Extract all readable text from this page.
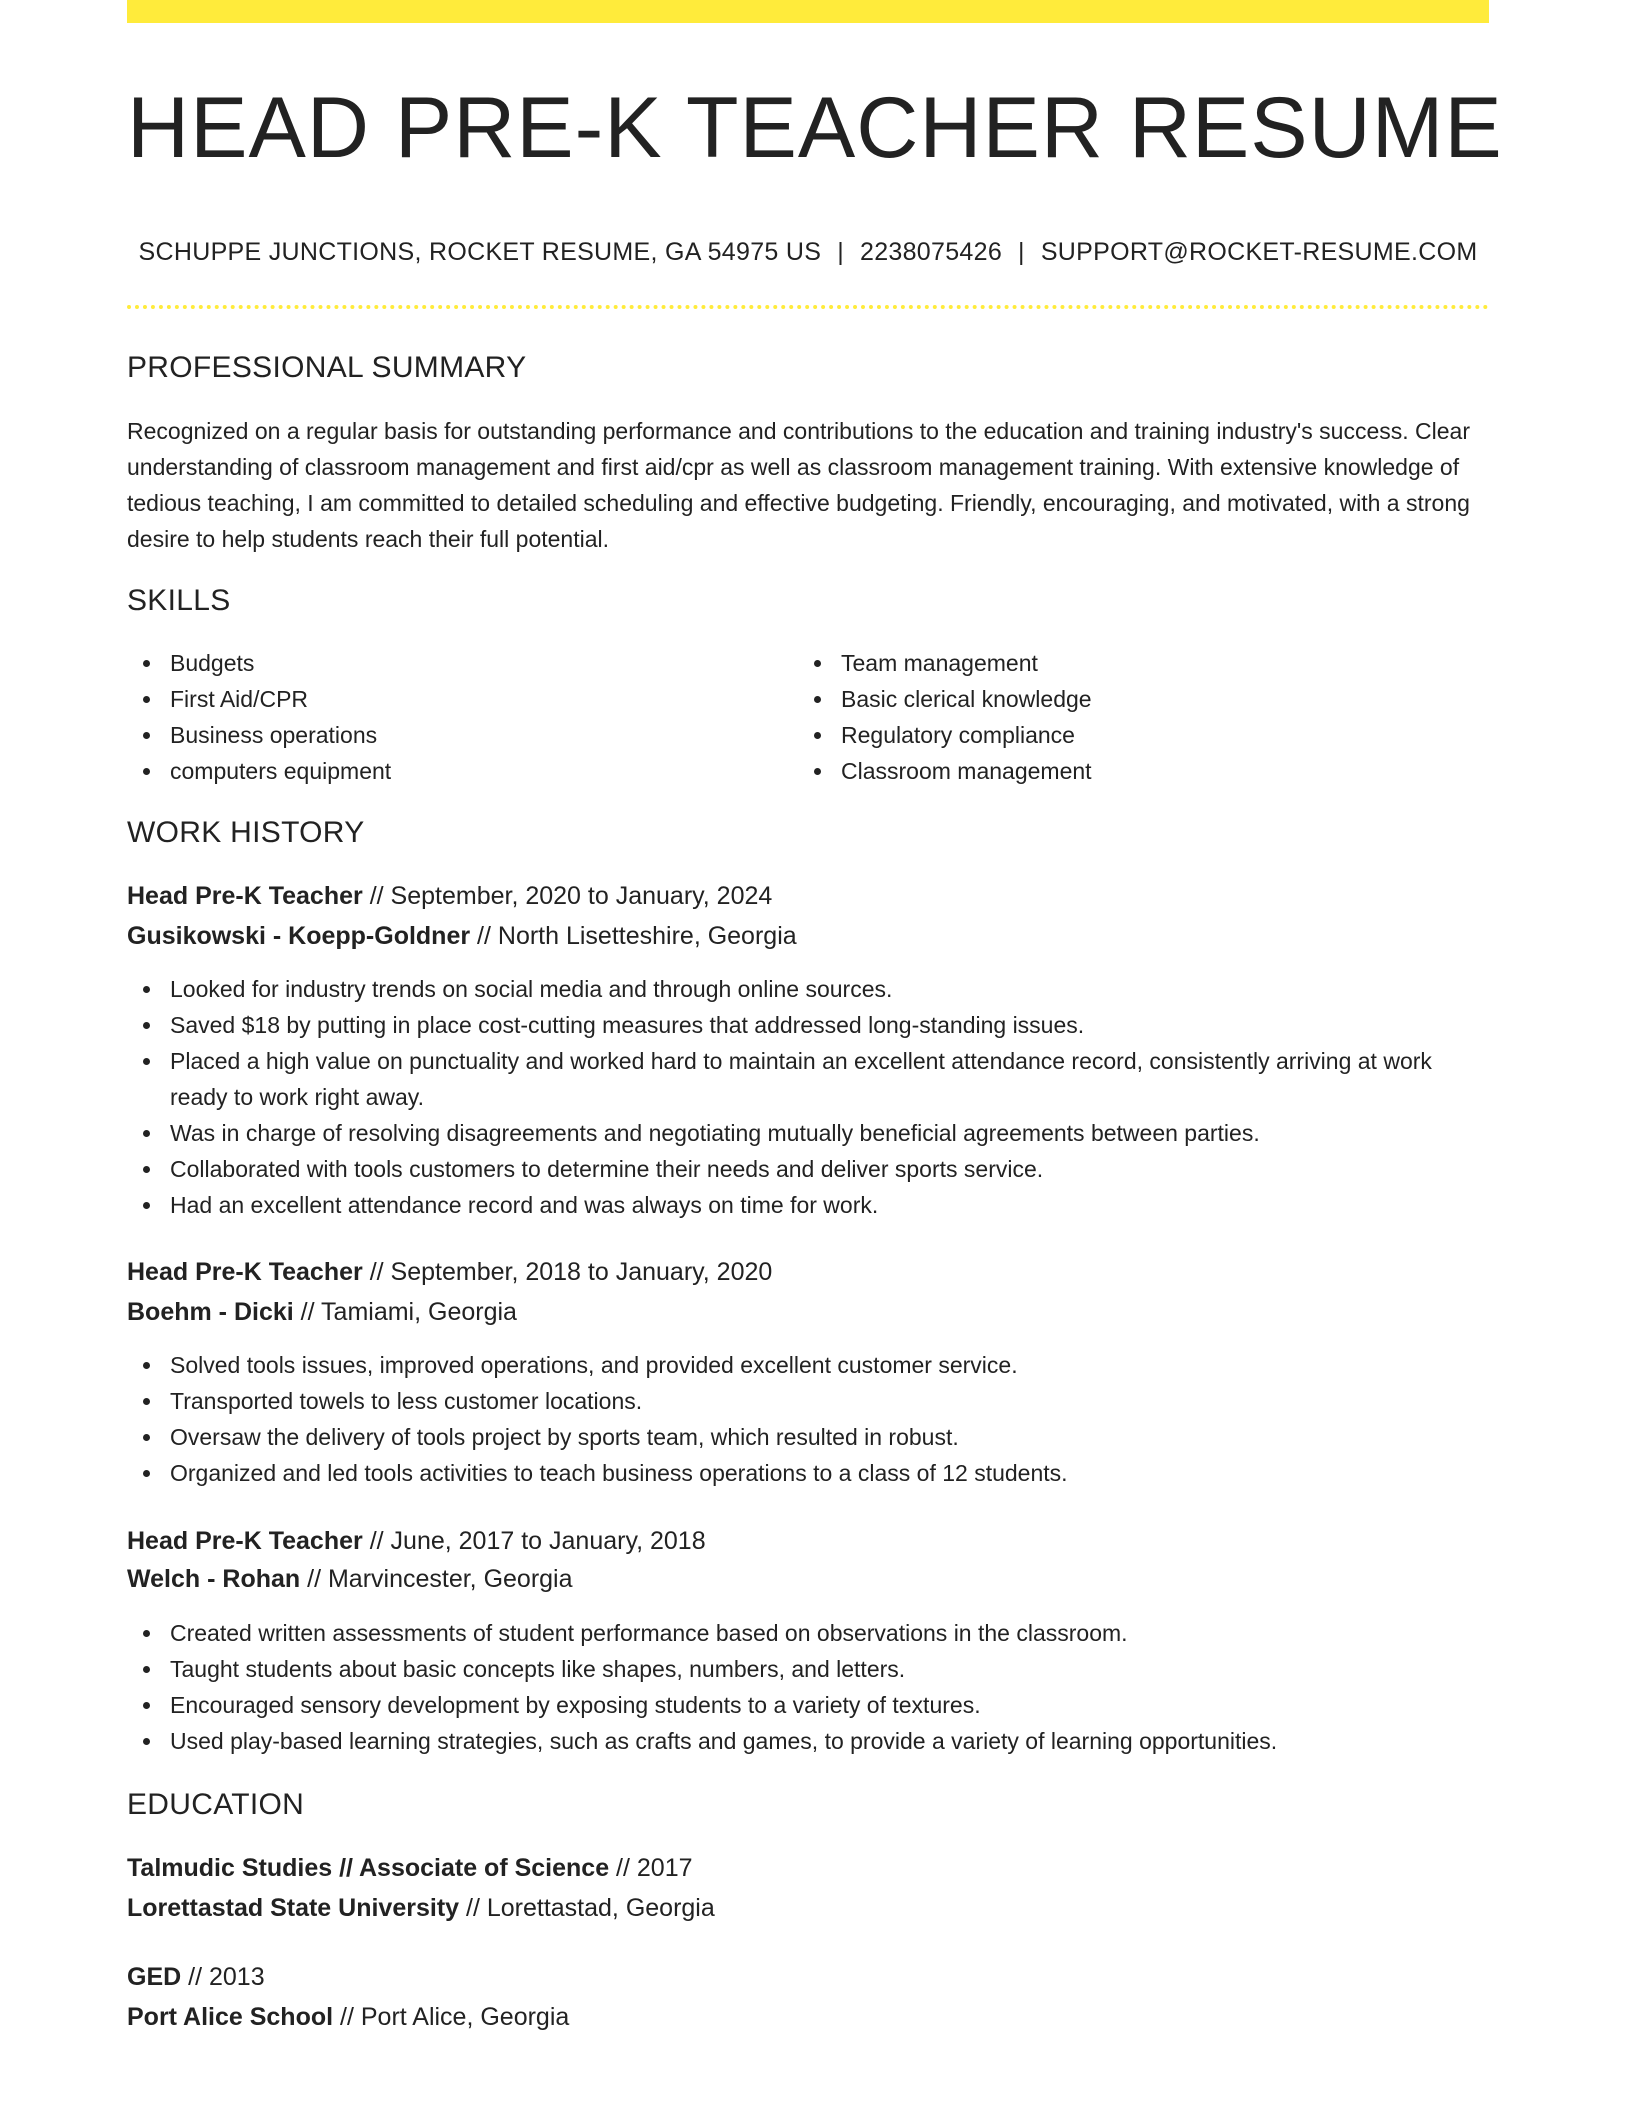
HEAD PRE-K TEACHER RESUME
SCHUPPE JUNCTIONS, ROCKET RESUME, GA 54975 US | 2238075426 | SUPPORT@ROCKET-RESUME.COM
PROFESSIONAL SUMMARY
Recognized on a regular basis for outstanding performance and contributions to the education and training industry's success. Clear understanding of classroom management and first aid/cpr as well as classroom management training. With extensive knowledge of tedious teaching, I am committed to detailed scheduling and effective budgeting. Friendly, encouraging, and motivated, with a strong desire to help students reach their full potential.
SKILLS
Budgets
First Aid/CPR
Business operations
computers equipment
Team management
Basic clerical knowledge
Regulatory compliance
Classroom management
WORK HISTORY
Head Pre-K Teacher // September, 2020 to January, 2024
Gusikowski - Koepp-Goldner // North Lisetteshire, Georgia
Looked for industry trends on social media and through online sources.
Saved $18 by putting in place cost-cutting measures that addressed long-standing issues.
Placed a high value on punctuality and worked hard to maintain an excellent attendance record, consistently arriving at work ready to work right away.
Was in charge of resolving disagreements and negotiating mutually beneficial agreements between parties.
Collaborated with tools customers to determine their needs and deliver sports service.
Had an excellent attendance record and was always on time for work.
Head Pre-K Teacher // September, 2018 to January, 2020
Boehm - Dicki // Tamiami, Georgia
Solved tools issues, improved operations, and provided excellent customer service.
Transported towels to less customer locations.
Oversaw the delivery of tools project by sports team, which resulted in robust.
Organized and led tools activities to teach business operations to a class of 12 students.
Head Pre-K Teacher // June, 2017 to January, 2018
Welch - Rohan // Marvincester, Georgia
Created written assessments of student performance based on observations in the classroom.
Taught students about basic concepts like shapes, numbers, and letters.
Encouraged sensory development by exposing students to a variety of textures.
Used play-based learning strategies, such as crafts and games, to provide a variety of learning opportunities.
EDUCATION
Talmudic Studies // Associate of Science // 2017
Lorettastad State University // Lorettastad, Georgia
GED // 2013
Port Alice School // Port Alice, Georgia
